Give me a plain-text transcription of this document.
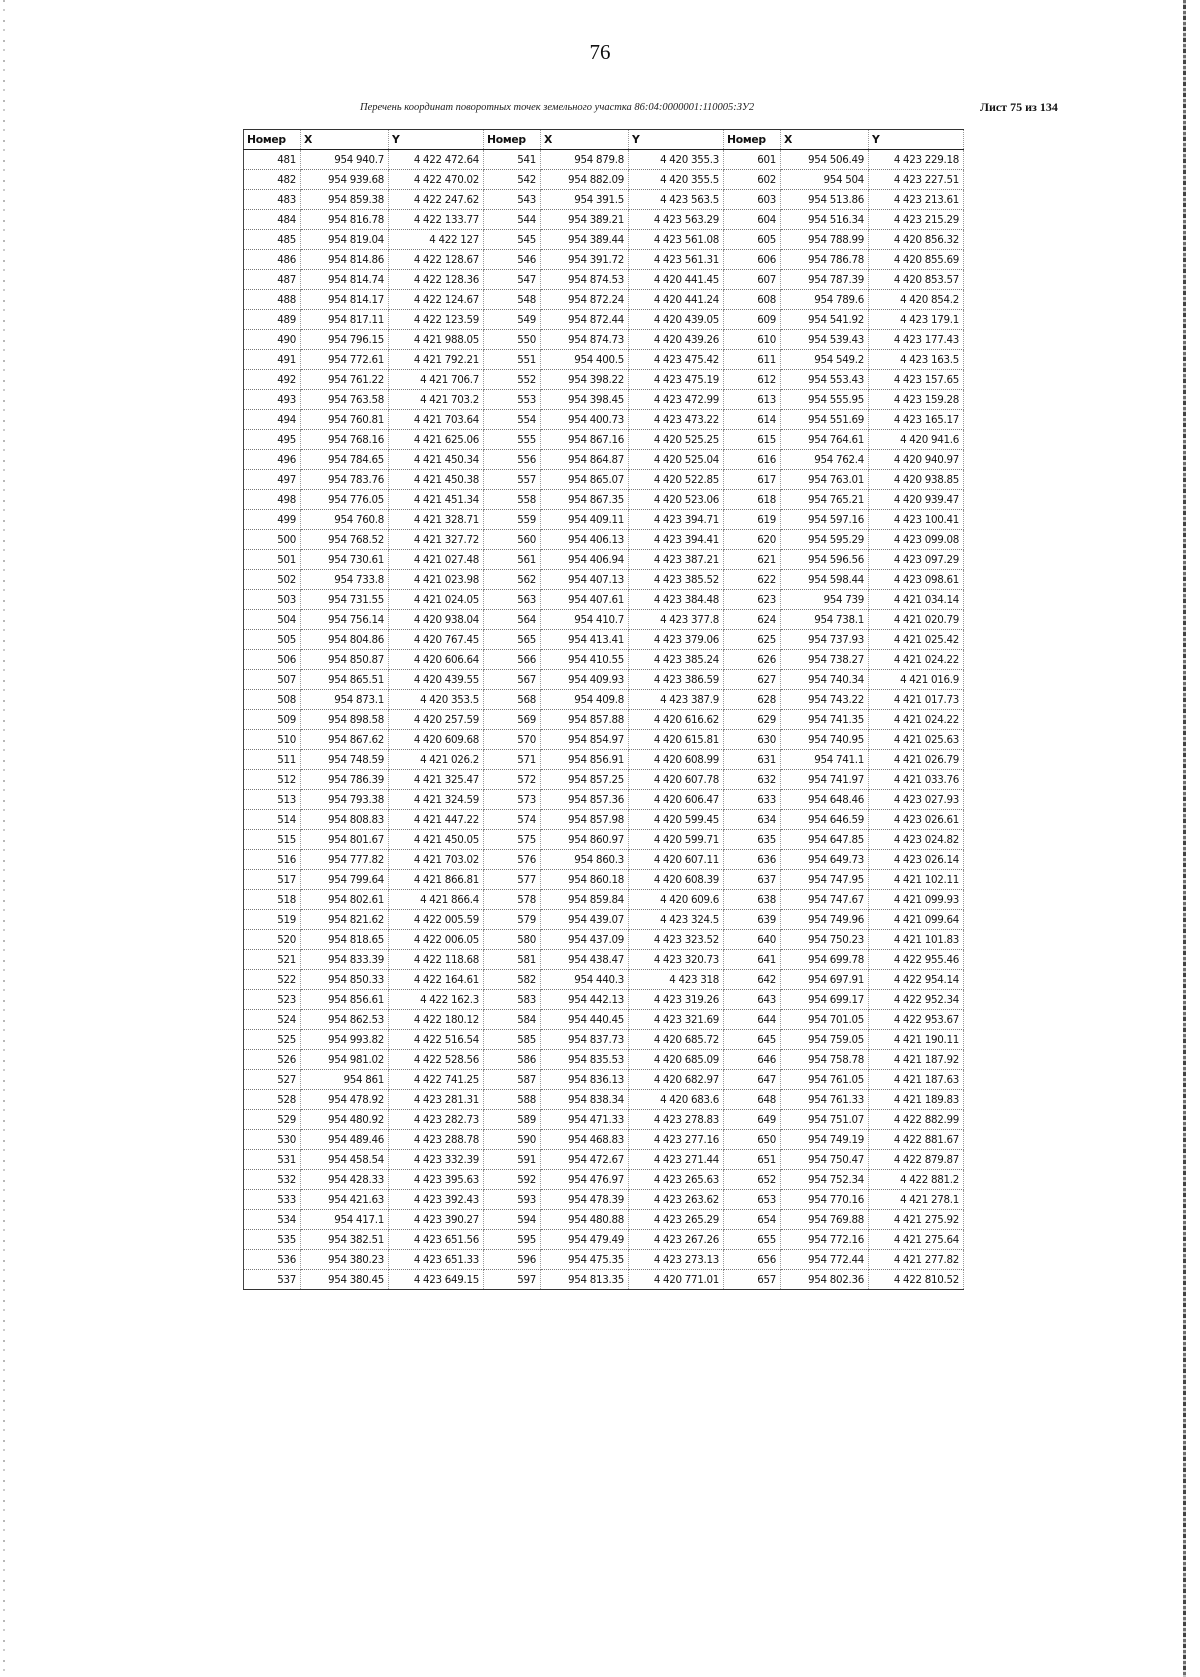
76
Перечень координат поворотных точек земельного участка 86:04:0000001:110005:ЗУ2	Лист 75 из 134
Номер	X	Y	Номер	X	Y	Номер	X	Y
481	954 940.7	4 422 472.64	541	954 879.8	4 420 355.3	601	954 506.49	4 423 229.18
482	954 939.68	4 422 470.02	542	954 882.09	4 420 355.5	602	954 504	4 423 227.51
483	954 859.38	4 422 247.62	543	954 391.5	4 423 563.5	603	954 513.86	4 423 213.61
484	954 816.78	4 422 133.77	544	954 389.21	4 423 563.29	604	954 516.34	4 423 215.29
485	954 819.04	4 422 127	545	954 389.44	4 423 561.08	605	954 788.99	4 420 856.32
486	954 814.86	4 422 128.67	546	954 391.72	4 423 561.31	606	954 786.78	4 420 855.69
487	954 814.74	4 422 128.36	547	954 874.53	4 420 441.45	607	954 787.39	4 420 853.57
488	954 814.17	4 422 124.67	548	954 872.24	4 420 441.24	608	954 789.6	4 420 854.2
489	954 817.11	4 422 123.59	549	954 872.44	4 420 439.05	609	954 541.92	4 423 179.1
490	954 796.15	4 421 988.05	550	954 874.73	4 420 439.26	610	954 539.43	4 423 177.43
491	954 772.61	4 421 792.21	551	954 400.5	4 423 475.42	611	954 549.2	4 423 163.5
492	954 761.22	4 421 706.7	552	954 398.22	4 423 475.19	612	954 553.43	4 423 157.65
493	954 763.58	4 421 703.2	553	954 398.45	4 423 472.99	613	954 555.95	4 423 159.28
494	954 760.81	4 421 703.64	554	954 400.73	4 423 473.22	614	954 551.69	4 423 165.17
495	954 768.16	4 421 625.06	555	954 867.16	4 420 525.25	615	954 764.61	4 420 941.6
496	954 784.65	4 421 450.34	556	954 864.87	4 420 525.04	616	954 762.4	4 420 940.97
497	954 783.76	4 421 450.38	557	954 865.07	4 420 522.85	617	954 763.01	4 420 938.85
498	954 776.05	4 421 451.34	558	954 867.35	4 420 523.06	618	954 765.21	4 420 939.47
499	954 760.8	4 421 328.71	559	954 409.11	4 423 394.71	619	954 597.16	4 423 100.41
500	954 768.52	4 421 327.72	560	954 406.13	4 423 394.41	620	954 595.29	4 423 099.08
501	954 730.61	4 421 027.48	561	954 406.94	4 423 387.21	621	954 596.56	4 423 097.29
502	954 733.8	4 421 023.98	562	954 407.13	4 423 385.52	622	954 598.44	4 423 098.61
503	954 731.55	4 421 024.05	563	954 407.61	4 423 384.48	623	954 739	4 421 034.14
504	954 756.14	4 420 938.04	564	954 410.7	4 423 377.8	624	954 738.1	4 421 020.79
505	954 804.86	4 420 767.45	565	954 413.41	4 423 379.06	625	954 737.93	4 421 025.42
506	954 850.87	4 420 606.64	566	954 410.55	4 423 385.24	626	954 738.27	4 421 024.22
507	954 865.51	4 420 439.55	567	954 409.93	4 423 386.59	627	954 740.34	4 421 016.9
508	954 873.1	4 420 353.5	568	954 409.8	4 423 387.9	628	954 743.22	4 421 017.73
509	954 898.58	4 420 257.59	569	954 857.88	4 420 616.62	629	954 741.35	4 421 024.22
510	954 867.62	4 420 609.68	570	954 854.97	4 420 615.81	630	954 740.95	4 421 025.63
511	954 748.59	4 421 026.2	571	954 856.91	4 420 608.99	631	954 741.1	4 421 026.79
512	954 786.39	4 421 325.47	572	954 857.25	4 420 607.78	632	954 741.97	4 421 033.76
513	954 793.38	4 421 324.59	573	954 857.36	4 420 606.47	633	954 648.46	4 423 027.93
514	954 808.83	4 421 447.22	574	954 857.98	4 420 599.45	634	954 646.59	4 423 026.61
515	954 801.67	4 421 450.05	575	954 860.97	4 420 599.71	635	954 647.85	4 423 024.82
516	954 777.82	4 421 703.02	576	954 860.3	4 420 607.11	636	954 649.73	4 423 026.14
517	954 799.64	4 421 866.81	577	954 860.18	4 420 608.39	637	954 747.95	4 421 102.11
518	954 802.61	4 421 866.4	578	954 859.84	4 420 609.6	638	954 747.67	4 421 099.93
519	954 821.62	4 422 005.59	579	954 439.07	4 423 324.5	639	954 749.96	4 421 099.64
520	954 818.65	4 422 006.05	580	954 437.09	4 423 323.52	640	954 750.23	4 421 101.83
521	954 833.39	4 422 118.68	581	954 438.47	4 423 320.73	641	954 699.78	4 422 955.46
522	954 850.33	4 422 164.61	582	954 440.3	4 423 318	642	954 697.91	4 422 954.14
523	954 856.61	4 422 162.3	583	954 442.13	4 423 319.26	643	954 699.17	4 422 952.34
524	954 862.53	4 422 180.12	584	954 440.45	4 423 321.69	644	954 701.05	4 422 953.67
525	954 993.82	4 422 516.54	585	954 837.73	4 420 685.72	645	954 759.05	4 421 190.11
526	954 981.02	4 422 528.56	586	954 835.53	4 420 685.09	646	954 758.78	4 421 187.92
527	954 861	4 422 741.25	587	954 836.13	4 420 682.97	647	954 761.05	4 421 187.63
528	954 478.92	4 423 281.31	588	954 838.34	4 420 683.6	648	954 761.33	4 421 189.83
529	954 480.92	4 423 282.73	589	954 471.33	4 423 278.83	649	954 751.07	4 422 882.99
530	954 489.46	4 423 288.78	590	954 468.83	4 423 277.16	650	954 749.19	4 422 881.67
531	954 458.54	4 423 332.39	591	954 472.67	4 423 271.44	651	954 750.47	4 422 879.87
532	954 428.33	4 423 395.63	592	954 476.97	4 423 265.63	652	954 752.34	4 422 881.2
533	954 421.63	4 423 392.43	593	954 478.39	4 423 263.62	653	954 770.16	4 421 278.1
534	954 417.1	4 423 390.27	594	954 480.88	4 423 265.29	654	954 769.88	4 421 275.92
535	954 382.51	4 423 651.56	595	954 479.49	4 423 267.26	655	954 772.16	4 421 275.64
536	954 380.23	4 423 651.33	596	954 475.35	4 423 273.13	656	954 772.44	4 421 277.82
537	954 380.45	4 423 649.15	597	954 813.35	4 420 771.01	657	954 802.36	4 422 810.52
